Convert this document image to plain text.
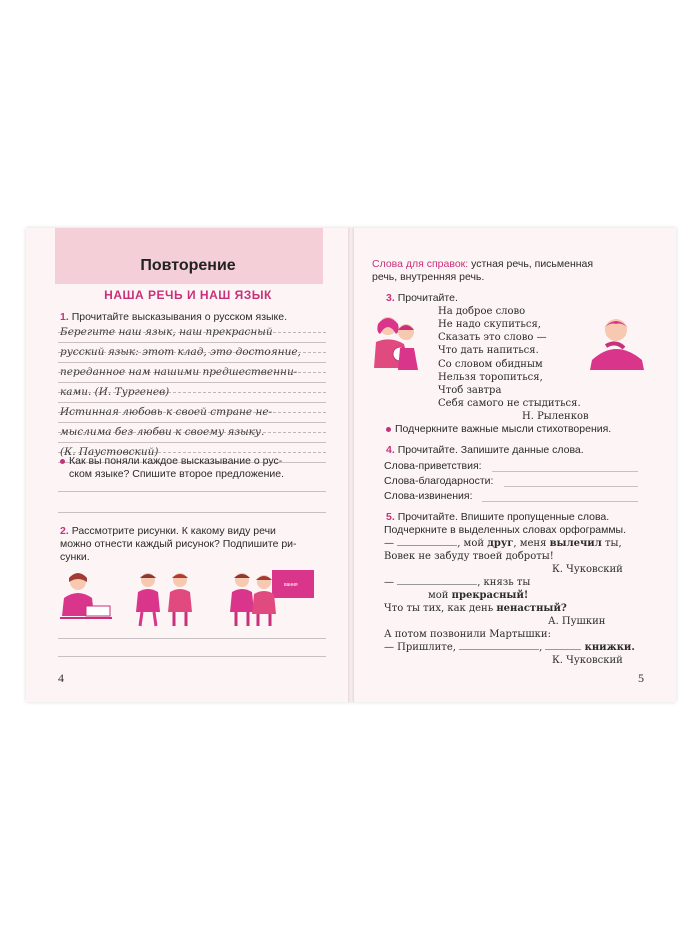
Повторение
НАША РЕЧЬ И НАШ ЯЗЫК
1. Прочитайте высказывания о русском языке.
Берегите наш язык, наш прекрасный
русский язык: этот клад, это достояние,
переданное нам нашими предшественни-
ками. (И. Тургенев)
Истинная любовь к своей стране не-
мыслима без любви к своему языку.
(К. Паустовский)
Как вы поняли каждое высказывание о рус-
ском языке? Спишите второе предложение.
2. Рассмотрите рисунки. К какому виду речи
можно отнести каждый рисунок? Подпишите ри-
сунки.
вания
4
Слова для справок: устная речь, письменная
речь, внутренняя речь.
3. Прочитайте.
На доброе слово
Не надо скупиться,
Сказать это слово —
Что дать напиться.
Со словом обидным
Нельзя торопиться,
Чтоб завтра
Себя самого не стыдиться.
Н. Рыленков
Подчеркните важные мысли стихотворения.
4. Прочитайте. Запишите данные слова.
Слова-приветствия:
Слова-благодарности:
Слова-извинения:
5. Прочитайте. Впишите пропущенные слова.
Подчеркните в выделенных словах орфограммы.
—	, мой друг, меня вылечил ты,
Вовек не забуду твоей доброты!
К. Чуковский
—	, князь ты
мой прекрасный!
Что ты тих, как день ненастный?
А. Пушкин
А потом позвонили Мартышки:
— Пришлите,	,	книжки.
К. Чуковский
5
